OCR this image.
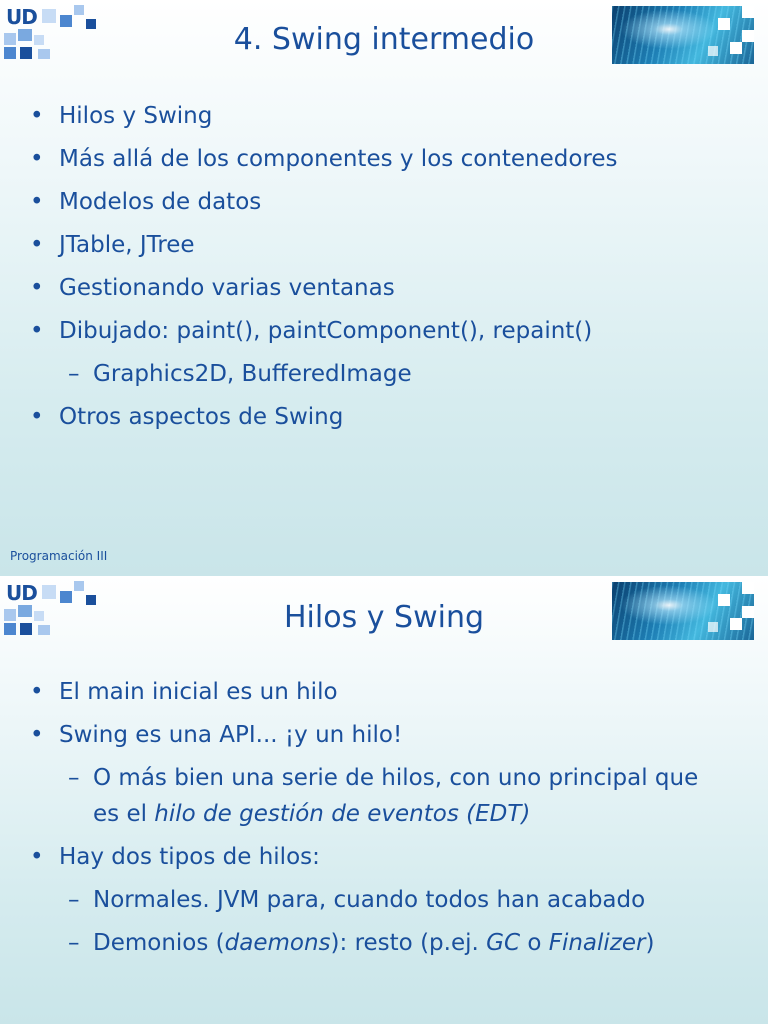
UD
4. Swing intermedio
• Hilos y Swing
• Más allá de los componentes y los contenedores
• Modelos de datos
• JTable, JTree
• Gestionando varias ventanas
• Dibujado: paint(), paintComponent(), repaint()
– Graphics2D, BufferedImage
• Otros aspectos de Swing
Programación III
UD
Hilos y Swing
• El main inicial es un hilo
• Swing es una API... ¡y un hilo!
– O más bien una serie de hilos, con uno principal que
es el hilo de gestión de eventos (EDT)
• Hay dos tipos de hilos:
– Normales. JVM para, cuando todos han acabado
– Demonios (daemons): resto (p.ej. GC o Finalizer)
